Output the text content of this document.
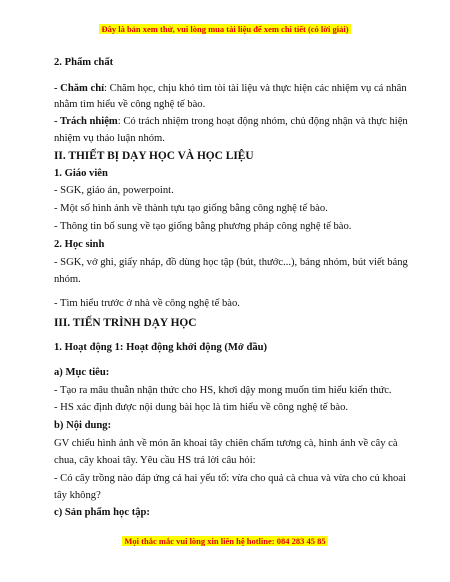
Đây là bản xem thử, vui lòng mua tài liệu để xem chi tiết (có lời giải)
2. Phẩm chất
- Chăm chỉ: Chăm học, chịu khó tìm tòi tài liệu và thực hiện các nhiệm vụ cá nhân
nhằm tìm hiểu về công nghệ tế bào.
- Trách nhiệm: Có trách nhiệm trong hoạt động nhóm, chủ động nhận và thực hiện
nhiệm vụ thảo luận nhóm.
II. THIẾT BỊ DẠY HỌC VÀ HỌC LIỆU
1. Giáo viên
- SGK, giáo án, powerpoint.
- Một số hình ảnh về thành tựu tạo giống bằng công nghệ tế bào.
- Thông tin bổ sung về tạo giống bằng phương pháp công nghệ tế bào.
2. Học sinh
- SGK, vở ghi, giấy nháp, đồ dùng học tập (bút, thước...), bảng nhóm, bút viết bảng
nhóm.
- Tìm hiểu trước ở nhà về công nghệ tế bào.
III. TIẾN TRÌNH DẠY HỌC
1. Hoạt động 1: Hoạt động khởi động (Mở đầu)
a) Mục tiêu:
- Tạo ra mâu thuẫn nhận thức cho HS, khơi dậy mong muốn tìm hiểu kiến thức.
- HS xác định được nội dung bài học là tìm hiểu về công nghệ tế bào.
b) Nội dung:
GV chiếu hình ảnh về món ăn khoai tây chiên chấm tương cà, hình ảnh về cây cà
chua, cây khoai tây. Yêu cầu HS trả lời câu hỏi:
- Có cây trồng nào đáp ứng cả hai yếu tố: vừa cho quả cà chua và vừa cho củ khoai
tây không?
c) Sản phẩm học tập:
Mọi thắc mắc vui lòng xin liên hệ hotline: 084 283 45 85
